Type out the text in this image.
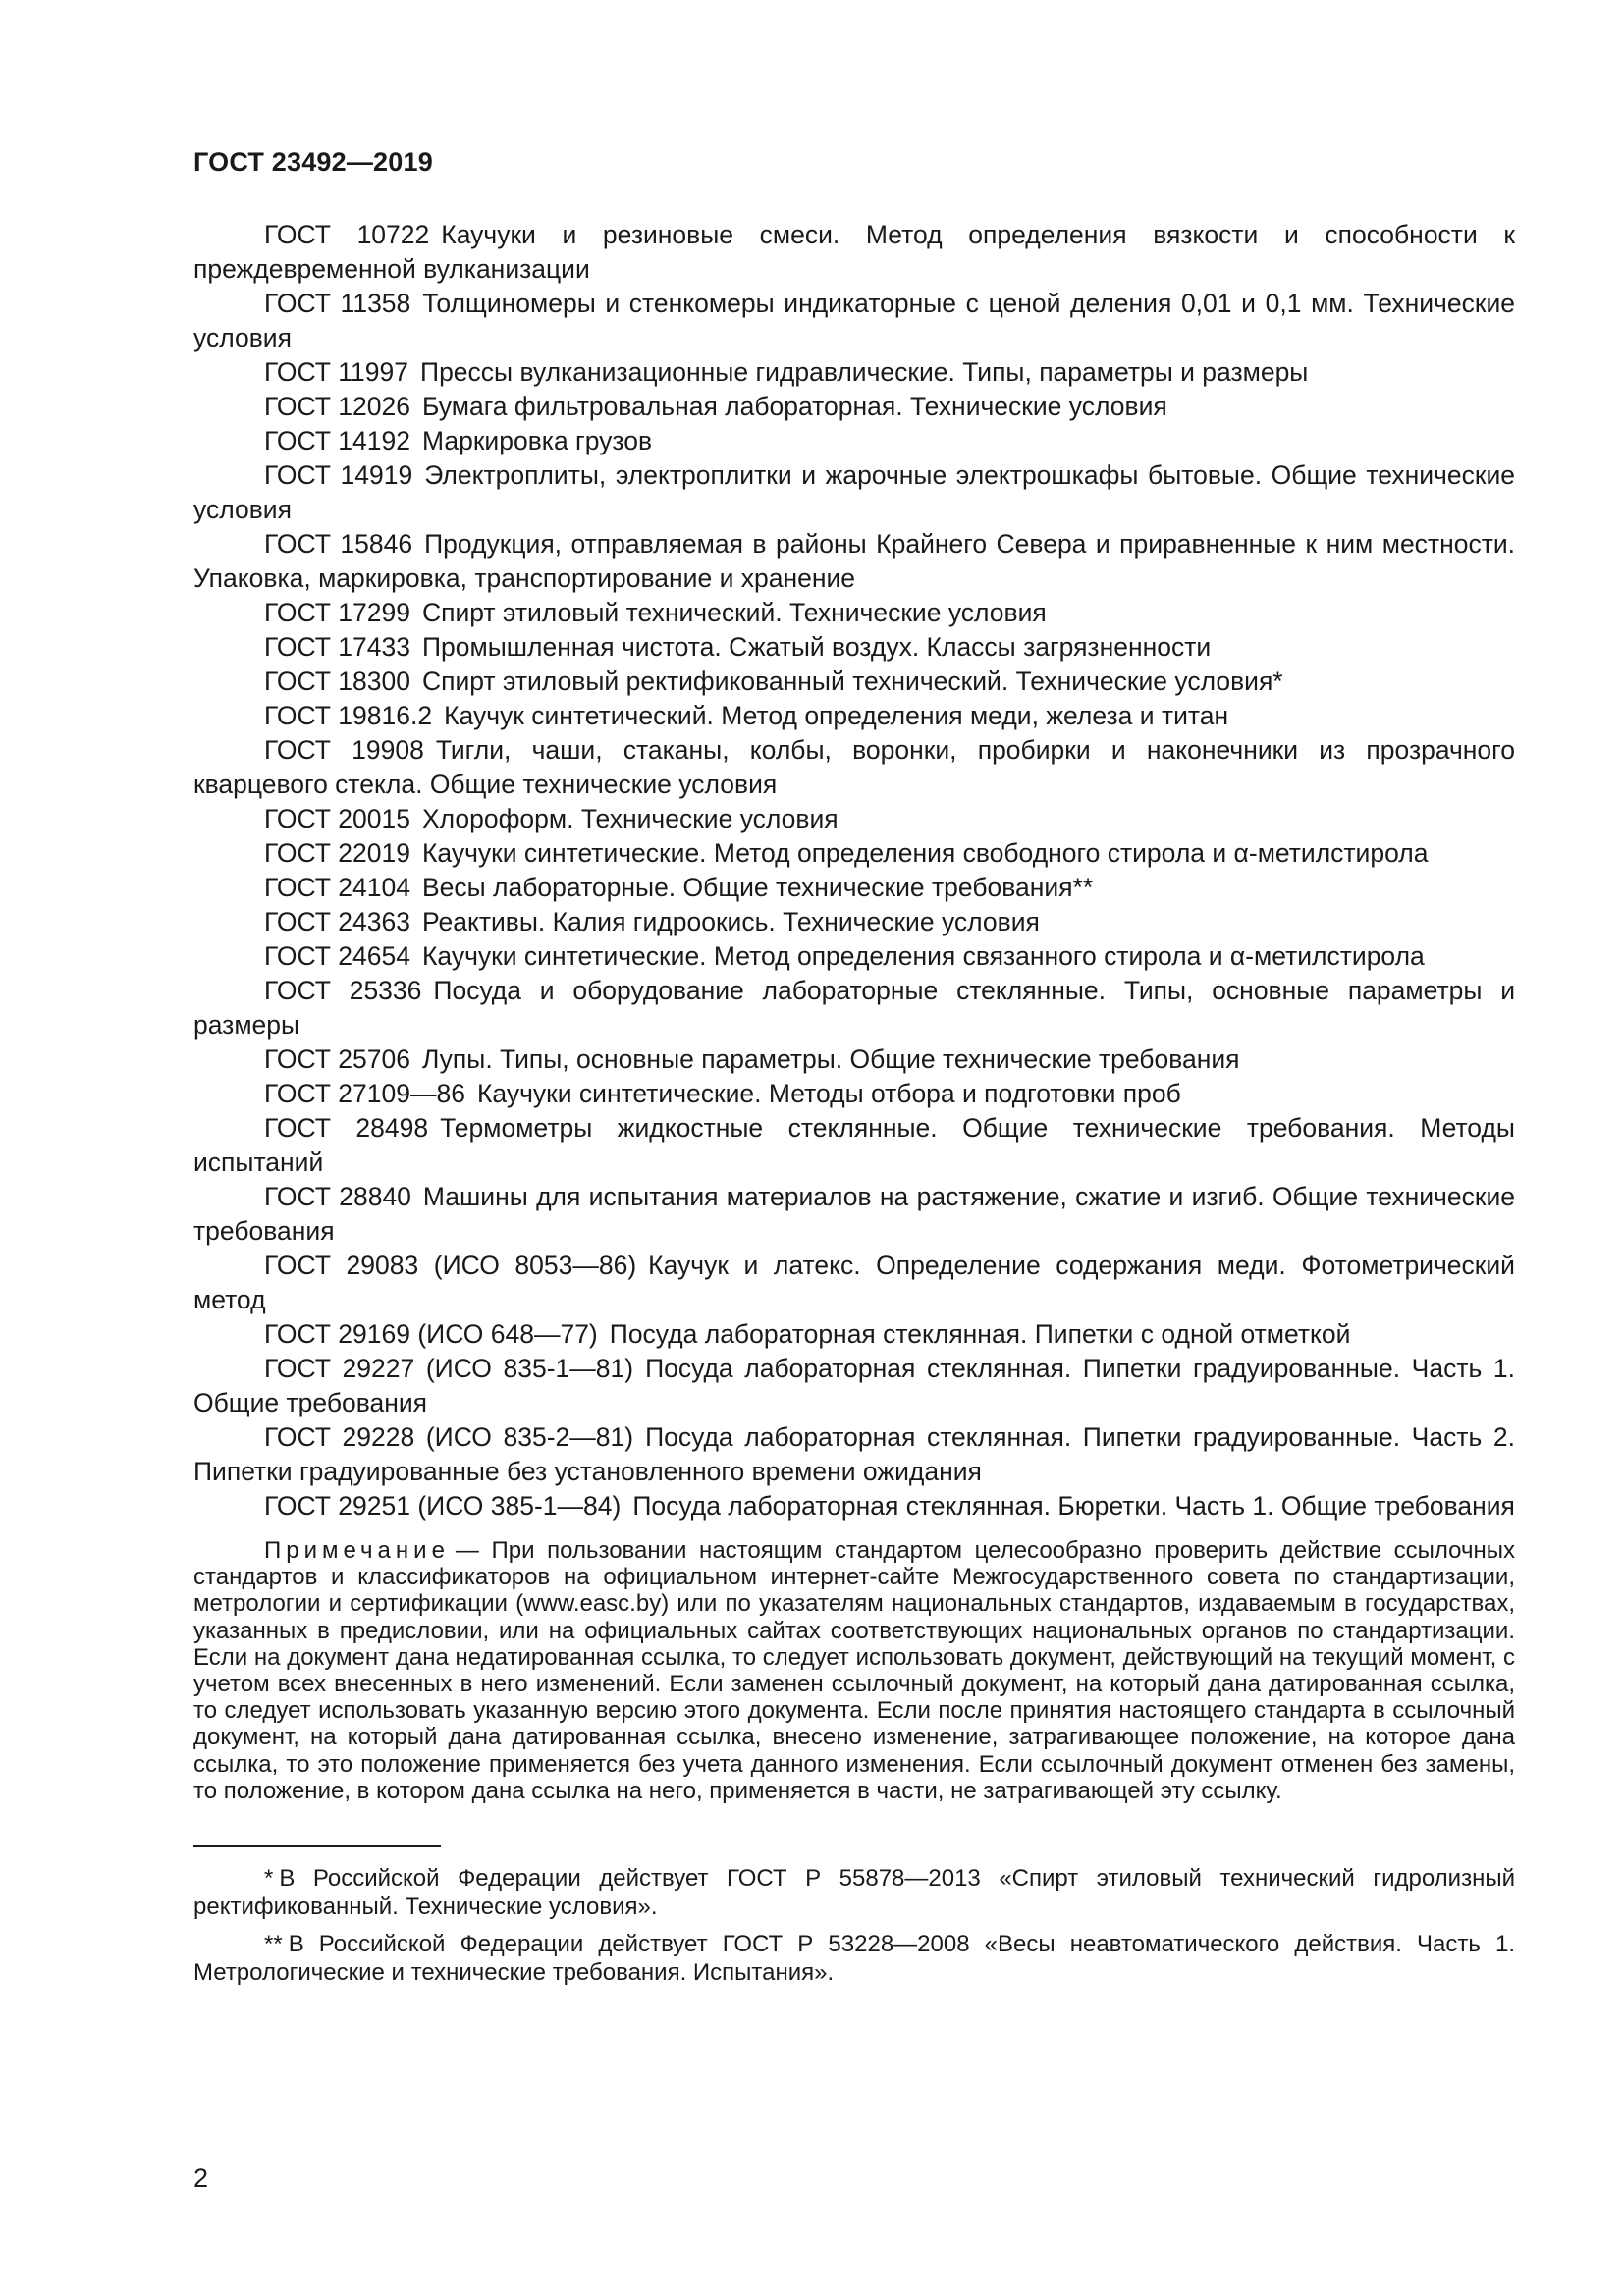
ГОСТ 23492—2019

ГОСТ 10722 Каучуки и резиновые смеси. Метод определения вязкости и способности к преждевременной вулканизации

ГОСТ 11358 Толщиномеры и стенкомеры индикаторные с ценой деления 0,01 и 0,1 мм. Технические условия

ГОСТ 11997 Прессы вулканизационные гидравлические. Типы, параметры и размеры

ГОСТ 12026 Бумага фильтровальная лабораторная. Технические условия

ГОСТ 14192 Маркировка грузов

ГОСТ 14919 Электроплиты, электроплитки и жарочные электрошкафы бытовые. Общие технические условия

ГОСТ 15846 Продукция, отправляемая в районы Крайнего Севера и приравненные к ним местности. Упаковка, маркировка, транспортирование и хранение

ГОСТ 17299 Спирт этиловый технический. Технические условия

ГОСТ 17433 Промышленная чистота. Сжатый воздух. Классы загрязненности

ГОСТ 18300 Спирт этиловый ректификованный технический. Технические условия*

ГОСТ 19816.2 Каучук синтетический. Метод определения меди, железа и титан

ГОСТ 19908 Тигли, чаши, стаканы, колбы, воронки, пробирки и наконечники из прозрачного кварцевого стекла. Общие технические условия

ГОСТ 20015 Хлороформ. Технические условия

ГОСТ 22019 Каучуки синтетические. Метод определения свободного стирола и α-метилстирола

ГОСТ 24104 Весы лабораторные. Общие технические требования**

ГОСТ 24363 Реактивы. Калия гидроокись. Технические условия

ГОСТ 24654 Каучуки синтетические. Метод определения связанного стирола и α-метилстирола

ГОСТ 25336 Посуда и оборудование лабораторные стеклянные. Типы, основные параметры и размеры

ГОСТ 25706 Лупы. Типы, основные параметры. Общие технические требования

ГОСТ 27109—86 Каучуки синтетические. Методы отбора и подготовки проб

ГОСТ 28498 Термометры жидкостные стеклянные. Общие технические требования. Методы испытаний

ГОСТ 28840 Машины для испытания материалов на растяжение, сжатие и изгиб. Общие технические требования

ГОСТ 29083 (ИСО 8053—86) Каучук и латекс. Определение содержания меди. Фотометрический метод

ГОСТ 29169 (ИСО 648—77) Посуда лабораторная стеклянная. Пипетки с одной отметкой

ГОСТ 29227 (ИСО 835-1—81) Посуда лабораторная стеклянная. Пипетки градуированные. Часть 1. Общие требования

ГОСТ 29228 (ИСО 835-2—81) Посуда лабораторная стеклянная. Пипетки градуированные. Часть 2. Пипетки градуированные без установленного времени ожидания

ГОСТ 29251 (ИСО 385-1—84) Посуда лабораторная стеклянная. Бюретки. Часть 1. Общие требования

Примечание — При пользовании настоящим стандартом целесообразно проверить действие ссылочных стандартов и классификаторов на официальном интернет-сайте Межгосударственного совета по стандартизации, метрологии и сертификации (www.easc.by) или по указателям национальных стандартов, издаваемым в государствах, указанных в предисловии, или на официальных сайтах соответствующих национальных органов по стандартизации. Если на документ дана недатированная ссылка, то следует использовать документ, действующий на текущий момент, с учетом всех внесенных в него изменений. Если заменен ссылочный документ, на который дана датированная ссылка, то следует использовать указанную версию этого документа. Если после принятия настоящего стандарта в ссылочный документ, на который дана датированная ссылка, внесено изменение, затрагивающее положение, на которое дана ссылка, то это положение применяется без учета данного изменения. Если ссылочный документ отменен без замены, то положение, в котором дана ссылка на него, применяется в части, не затрагивающей эту ссылку.

* В Российской Федерации действует ГОСТ Р 55878—2013 «Спирт этиловый технический гидролизный ректификованный. Технические условия».

** В Российской Федерации действует ГОСТ Р 53228—2008 «Весы неавтоматического действия. Часть 1. Метрологические и технические требования. Испытания».

2
